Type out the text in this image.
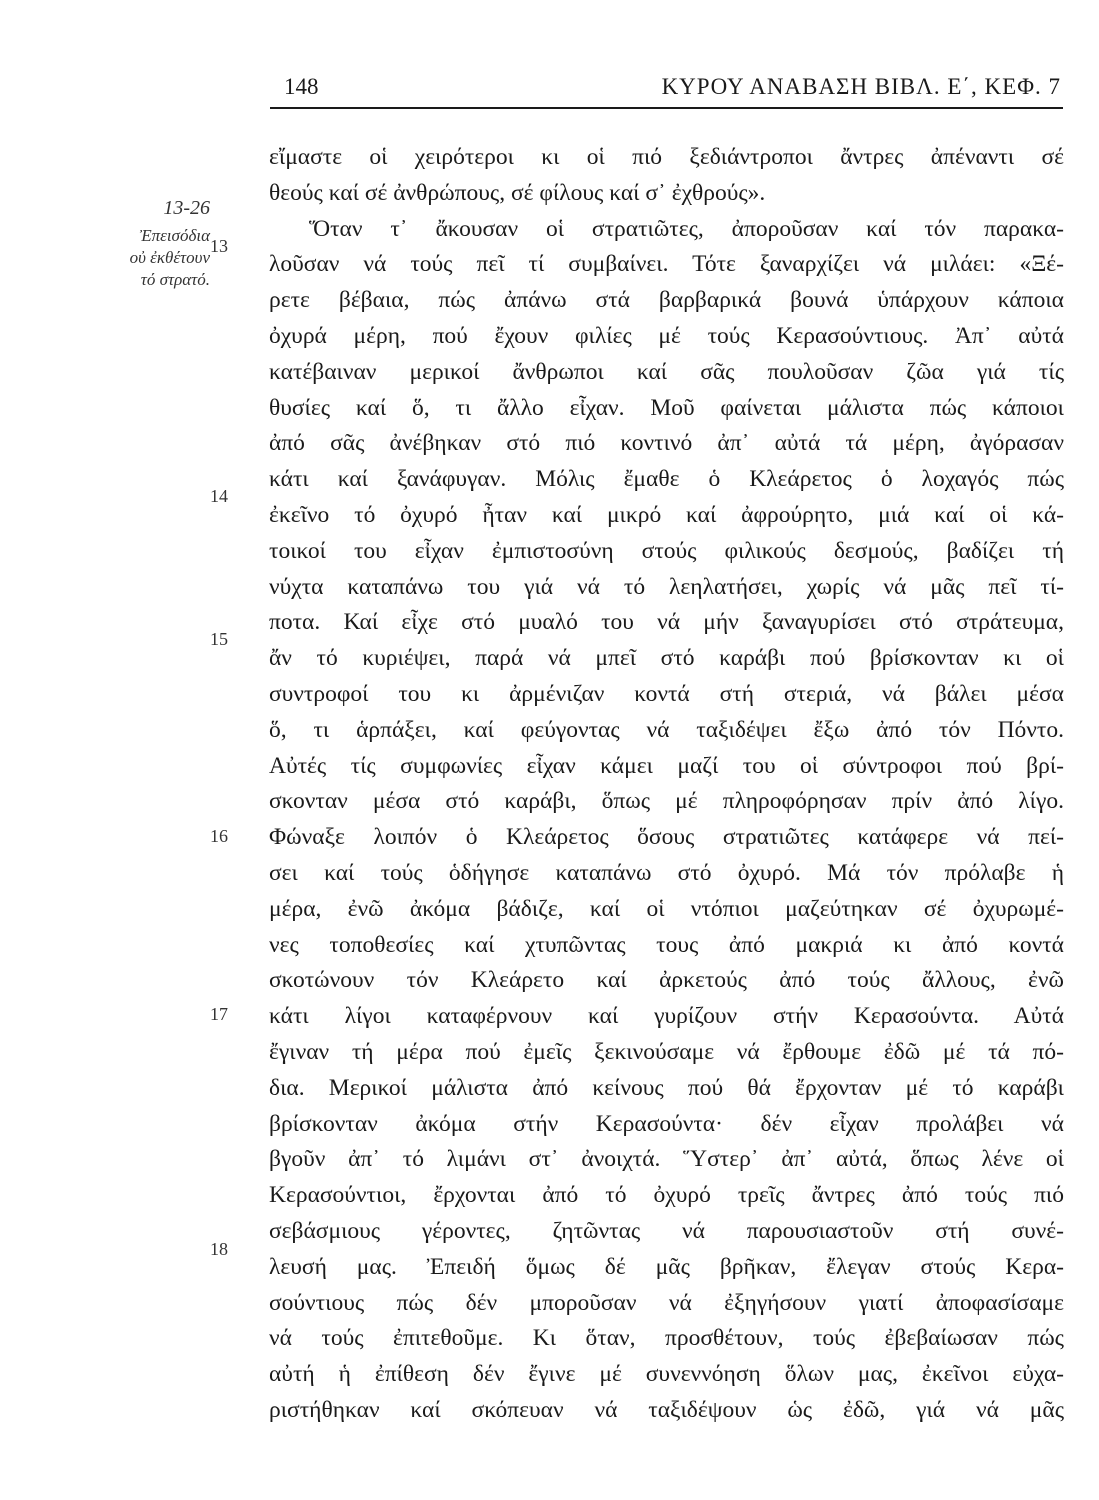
148	ΚΥΡΟΥ ΑΝΑΒΑΣΗ ΒΙΒΛ. Ε΄, ΚΕΦ. 7
13-26
Ἐπεισόδια
οὐ ἐκθέτουν
τό στρατό.
13
14
15
16
17
18
εἴμαστε οἱ χειρότεροι κι οἱ πιό ξεδιάντροποι ἄντρες ἀπέναντι σέ
θεούς καί σέ ἀνθρώπους, σέ φίλους καί σ᾽ ἐχθρούς».
Ὅταν τ᾽ ἄκουσαν οἱ στρατιῶτες, ἀποροῦσαν καί τόν παρακα-
λοῦσαν νά τούς πεῖ τί συμβαίνει. Τότε ξαναρχίζει νά μιλάει: «Ξέ-
ρετε βέβαια, πώς ἀπάνω στά βαρβαρικά βουνά ὑπάρχουν κάποια
ὀχυρά μέρη, πού ἔχουν φιλίες μέ τούς Κερασούντιους. Ἀπ᾽ αὐτά
κατέβαιναν μερικοί ἄνθρωποι καί σᾶς πουλοῦσαν ζῶα γιά τίς
θυσίες καί ὅ, τι ἄλλο εἶχαν. Μοῦ φαίνεται μάλιστα πώς κάποιοι
ἀπό σᾶς ἀνέβηκαν στό πιό κοντινό ἀπ᾽ αὐτά τά μέρη, ἀγόρασαν
κάτι καί ξανάφυγαν. Μόλις ἔμαθε ὁ Κλεάρετος ὁ λοχαγός πώς
ἐκεῖνο τό ὀχυρό ἦταν καί μικρό καί ἀφρούρητο, μιά καί οἱ κά-
τοικοί του εἶχαν ἐμπιστοσύνη στούς φιλικούς δεσμούς, βαδίζει τή
νύχτα καταπάνω του γιά νά τό λεηλατήσει, χωρίς νά μᾶς πεῖ τί-
ποτα. Καί εἶχε στό μυαλό του νά μήν ξαναγυρίσει στό στράτευμα,
ἄν τό κυριέψει, παρά νά μπεῖ στό καράβι πού βρίσκονταν κι οἱ
συντροφοί του κι ἀρμένιζαν κοντά στή στεριά, νά βάλει μέσα
ὅ, τι ἁρπάξει, καί φεύγοντας νά ταξιδέψει ἔξω ἀπό τόν Πόντο.
Αὐτές τίς συμφωνίες εἶχαν κάμει μαζί του οἱ σύντροφοι πού βρί-
σκονταν μέσα στό καράβι, ὅπως μέ πληροφόρησαν πρίν ἀπό λίγο.
Φώναξε λοιπόν ὁ Κλεάρετος ὅσους στρατιῶτες κατάφερε νά πεί-
σει καί τούς ὁδήγησε καταπάνω στό ὀχυρό. Μά τόν πρόλαβε ἡ
μέρα, ἐνῶ ἀκόμα βάδιζε, καί οἱ ντόπιοι μαζεύτηκαν σέ ὀχυρωμέ-
νες τοποθεσίες καί χτυπῶντας τους ἀπό μακριά κι ἀπό κοντά
σκοτώνουν τόν Κλεάρετο καί ἀρκετούς ἀπό τούς ἄλλους, ἐνῶ
κάτι λίγοι καταφέρνουν καί γυρίζουν στήν Κερασούντα. Αὐτά
ἔγιναν τή μέρα πού ἐμεῖς ξεκινούσαμε νά ἔρθουμε ἐδῶ μέ τά πό-
δια. Μερικοί μάλιστα ἀπό κείνους πού θά ἔρχονταν μέ τό καράβι
βρίσκονταν ἀκόμα στήν Κερασούντα· δέν εἶχαν προλάβει νά
βγοῦν ἀπ᾽ τό λιμάνι στ᾽ ἀνοιχτά. Ὕστερ᾽ ἀπ᾽ αὐτά, ὅπως λένε οἱ
Κερασούντιοι, ἔρχονται ἀπό τό ὀχυρό τρεῖς ἄντρες ἀπό τούς πιό
σεβάσμιους γέροντες, ζητῶντας νά παρουσιαστοῦν στή συνέ-
λευσή μας. Ἐπειδή ὅμως δέ μᾶς βρῆκαν, ἔλεγαν στούς Κερα-
σούντιους πώς δέν μποροῦσαν νά ἐξηγήσουν γιατί ἀποφασίσαμε
νά τούς ἐπιτεθοῦμε. Κι ὅταν, προσθέτουν, τούς ἐβεβαίωσαν πώς
αὐτή ἡ ἐπίθεση δέν ἔγινε μέ συνεννόηση ὅλων μας, ἐκεῖνοι εὐχα-
ριστήθηκαν καί σκόπευαν νά ταξιδέψουν ὡς ἐδῶ, γιά νά μᾶς
